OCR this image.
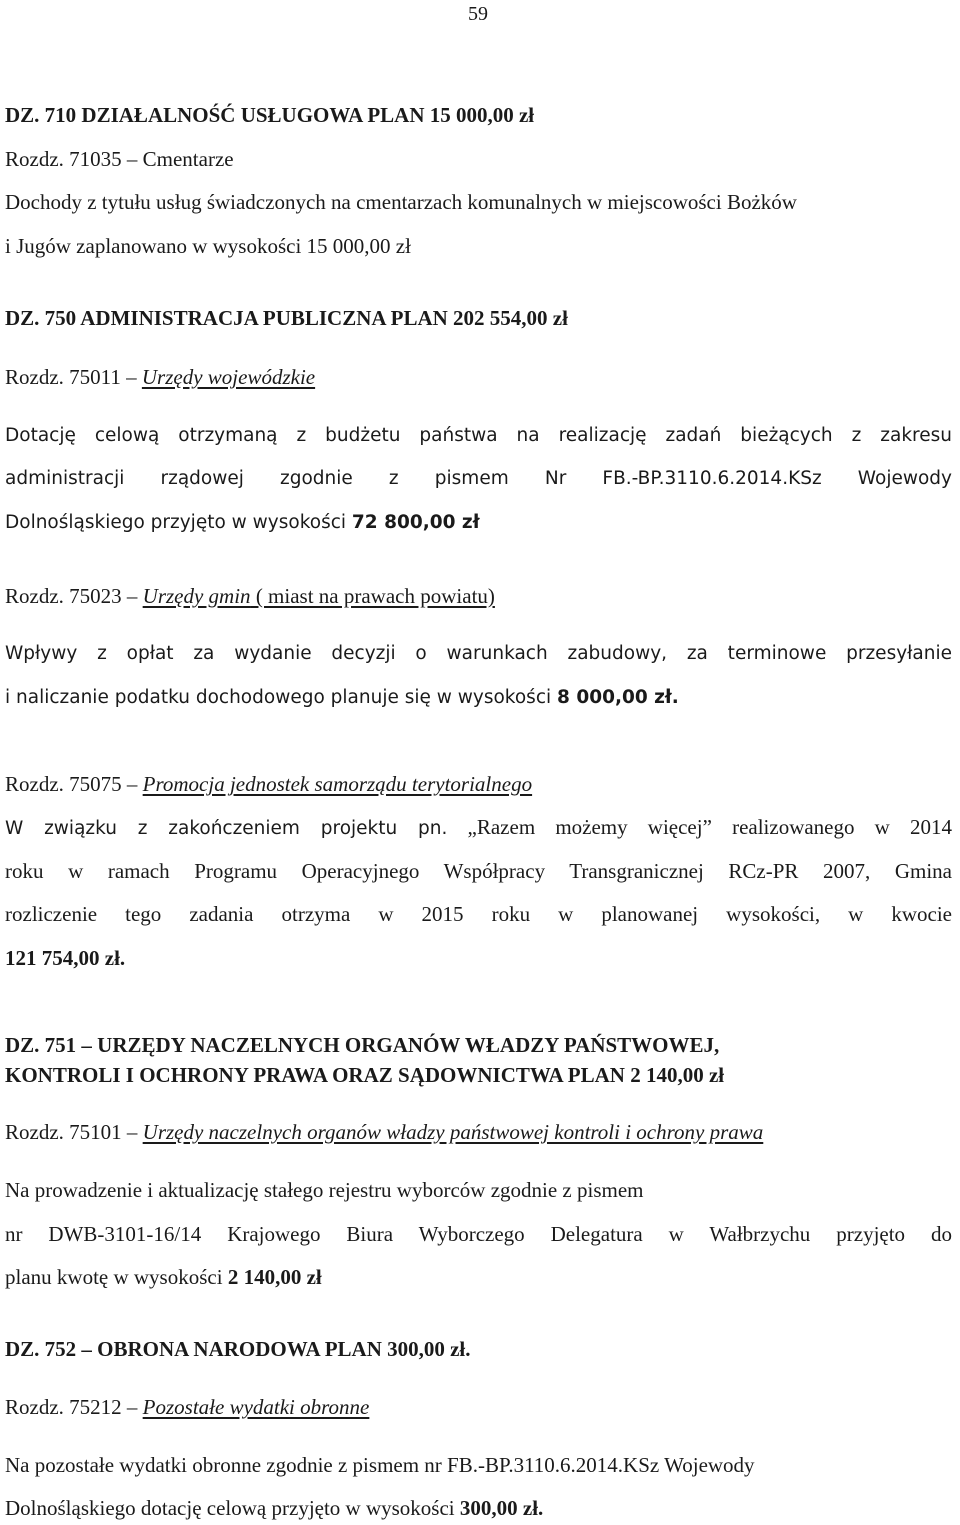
59
DZ. 710 DZIAŁALNOŚĆ USŁUGOWA PLAN 15 000,00 zł
Rozdz. 71035 – Cmentarze
Dochody z tytułu usług świadczonych na cmentarzach komunalnych w miejscowości Bożków
i Jugów zaplanowano w wysokości 15 000,00 zł
DZ. 750 ADMINISTRACJA PUBLICZNA PLAN 202 554,00 zł
Rozdz. 75011 – Urzędy wojewódzkie
Dotację celową otrzymaną z budżetu państwa na realizację zadań bieżących z zakresu
administracji rządowej zgodnie z pismem Nr FB.-BP.3110.6.2014.KSz Wojewody
Dolnośląskiego przyjęto w wysokości 72 800,00 zł
Rozdz. 75023 – Urzędy gmin ( miast na prawach powiatu)
Wpływy z opłat za wydanie decyzji o warunkach zabudowy, za terminowe przesyłanie
i naliczanie podatku dochodowego planuje się w wysokości 8 000,00 zł.
Rozdz. 75075 – Promocja jednostek samorządu terytorialnego
W związku z zakończeniem projektu pn. „Razem możemy więcej” realizowanego w 2014
roku w ramach Programu Operacyjnego Współpracy Transgranicznej RCz-PR 2007, Gmina
rozliczenie tego zadania otrzyma w 2015 roku w planowanej wysokości, w kwocie
121 754,00 zł.
DZ. 751 – URZĘDY NACZELNYCH ORGANÓW WŁADZY PAŃSTWOWEJ,
KONTROLI I OCHRONY PRAWA ORAZ SĄDOWNICTWA PLAN 2 140,00 zł
Rozdz. 75101 – Urzędy naczelnych organów władzy państwowej kontroli i ochrony prawa
Na prowadzenie i aktualizację stałego rejestru wyborców zgodnie z pismem
nr DWB-3101-16/14 Krajowego Biura Wyborczego Delegatura w Wałbrzychu przyjęto do
planu kwotę w wysokości 2 140,00 zł
DZ. 752 – OBRONA NARODOWA PLAN 300,00 zł.
Rozdz. 75212 – Pozostałe wydatki obronne
Na pozostałe wydatki obronne zgodnie z pismem nr FB.-BP.3110.6.2014.KSz Wojewody
Dolnośląskiego dotację celową przyjęto w wysokości 300,00 zł.
